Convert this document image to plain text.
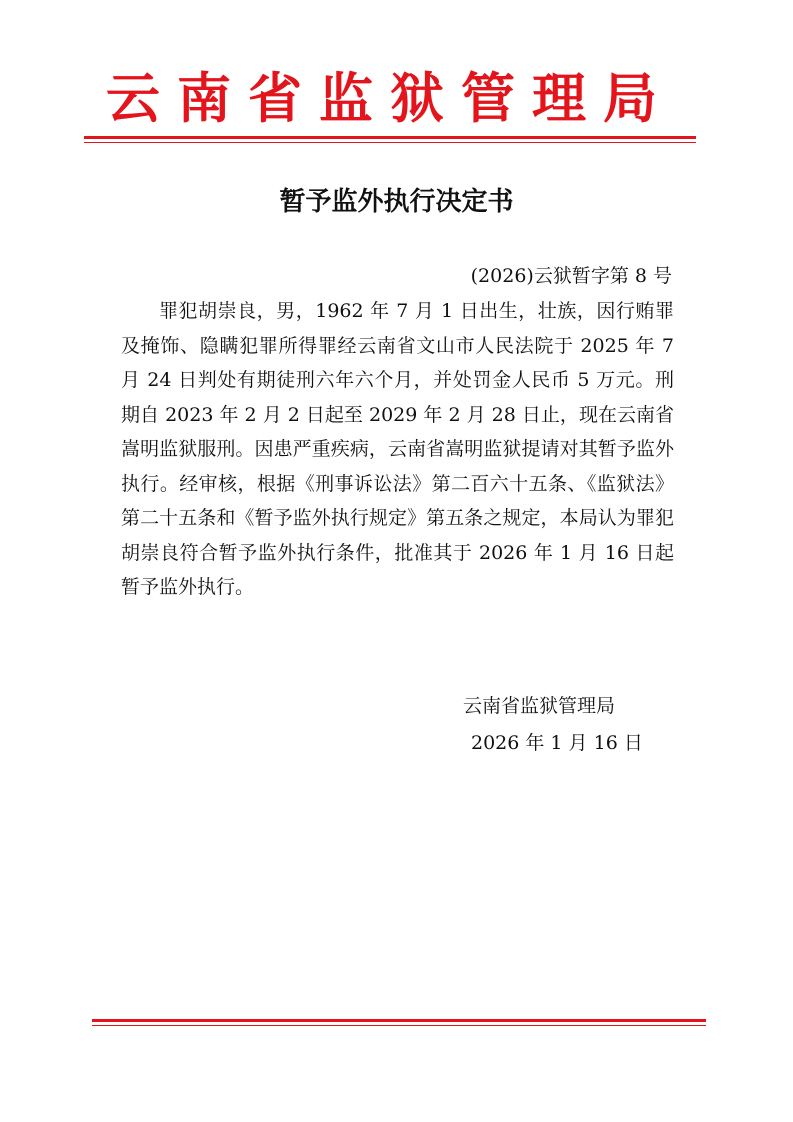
云南省监狱管理局
暂予监外执行决定书
(2026)云狱暂字第 8 号

罪犯胡崇良，男，1962 年 7 月 1 日出生，壮族，因行贿罪及掩饰、隐瞒犯罪所得罪经云南省文山市人民法院于 2025 年 7 月 24 日判处有期徒刑六年六个月，并处罚金人民币 5 万元。刑期自 2023 年 2 月 2 日起至 2029 年 2 月 28 日止，现在云南省嵩明监狱服刑。因患严重疾病，云南省嵩明监狱提请对其暂予监外执行。经审核，根据《刑事诉讼法》第二百六十五条、《监狱法》第二十五条和《暂予监外执行规定》第五条之规定，本局认为罪犯胡崇良符合暂予监外执行条件，批准其于 2026 年 1 月 16 日起暂予监外执行。

云南省监狱管理局
2026 年 1 月 16 日
